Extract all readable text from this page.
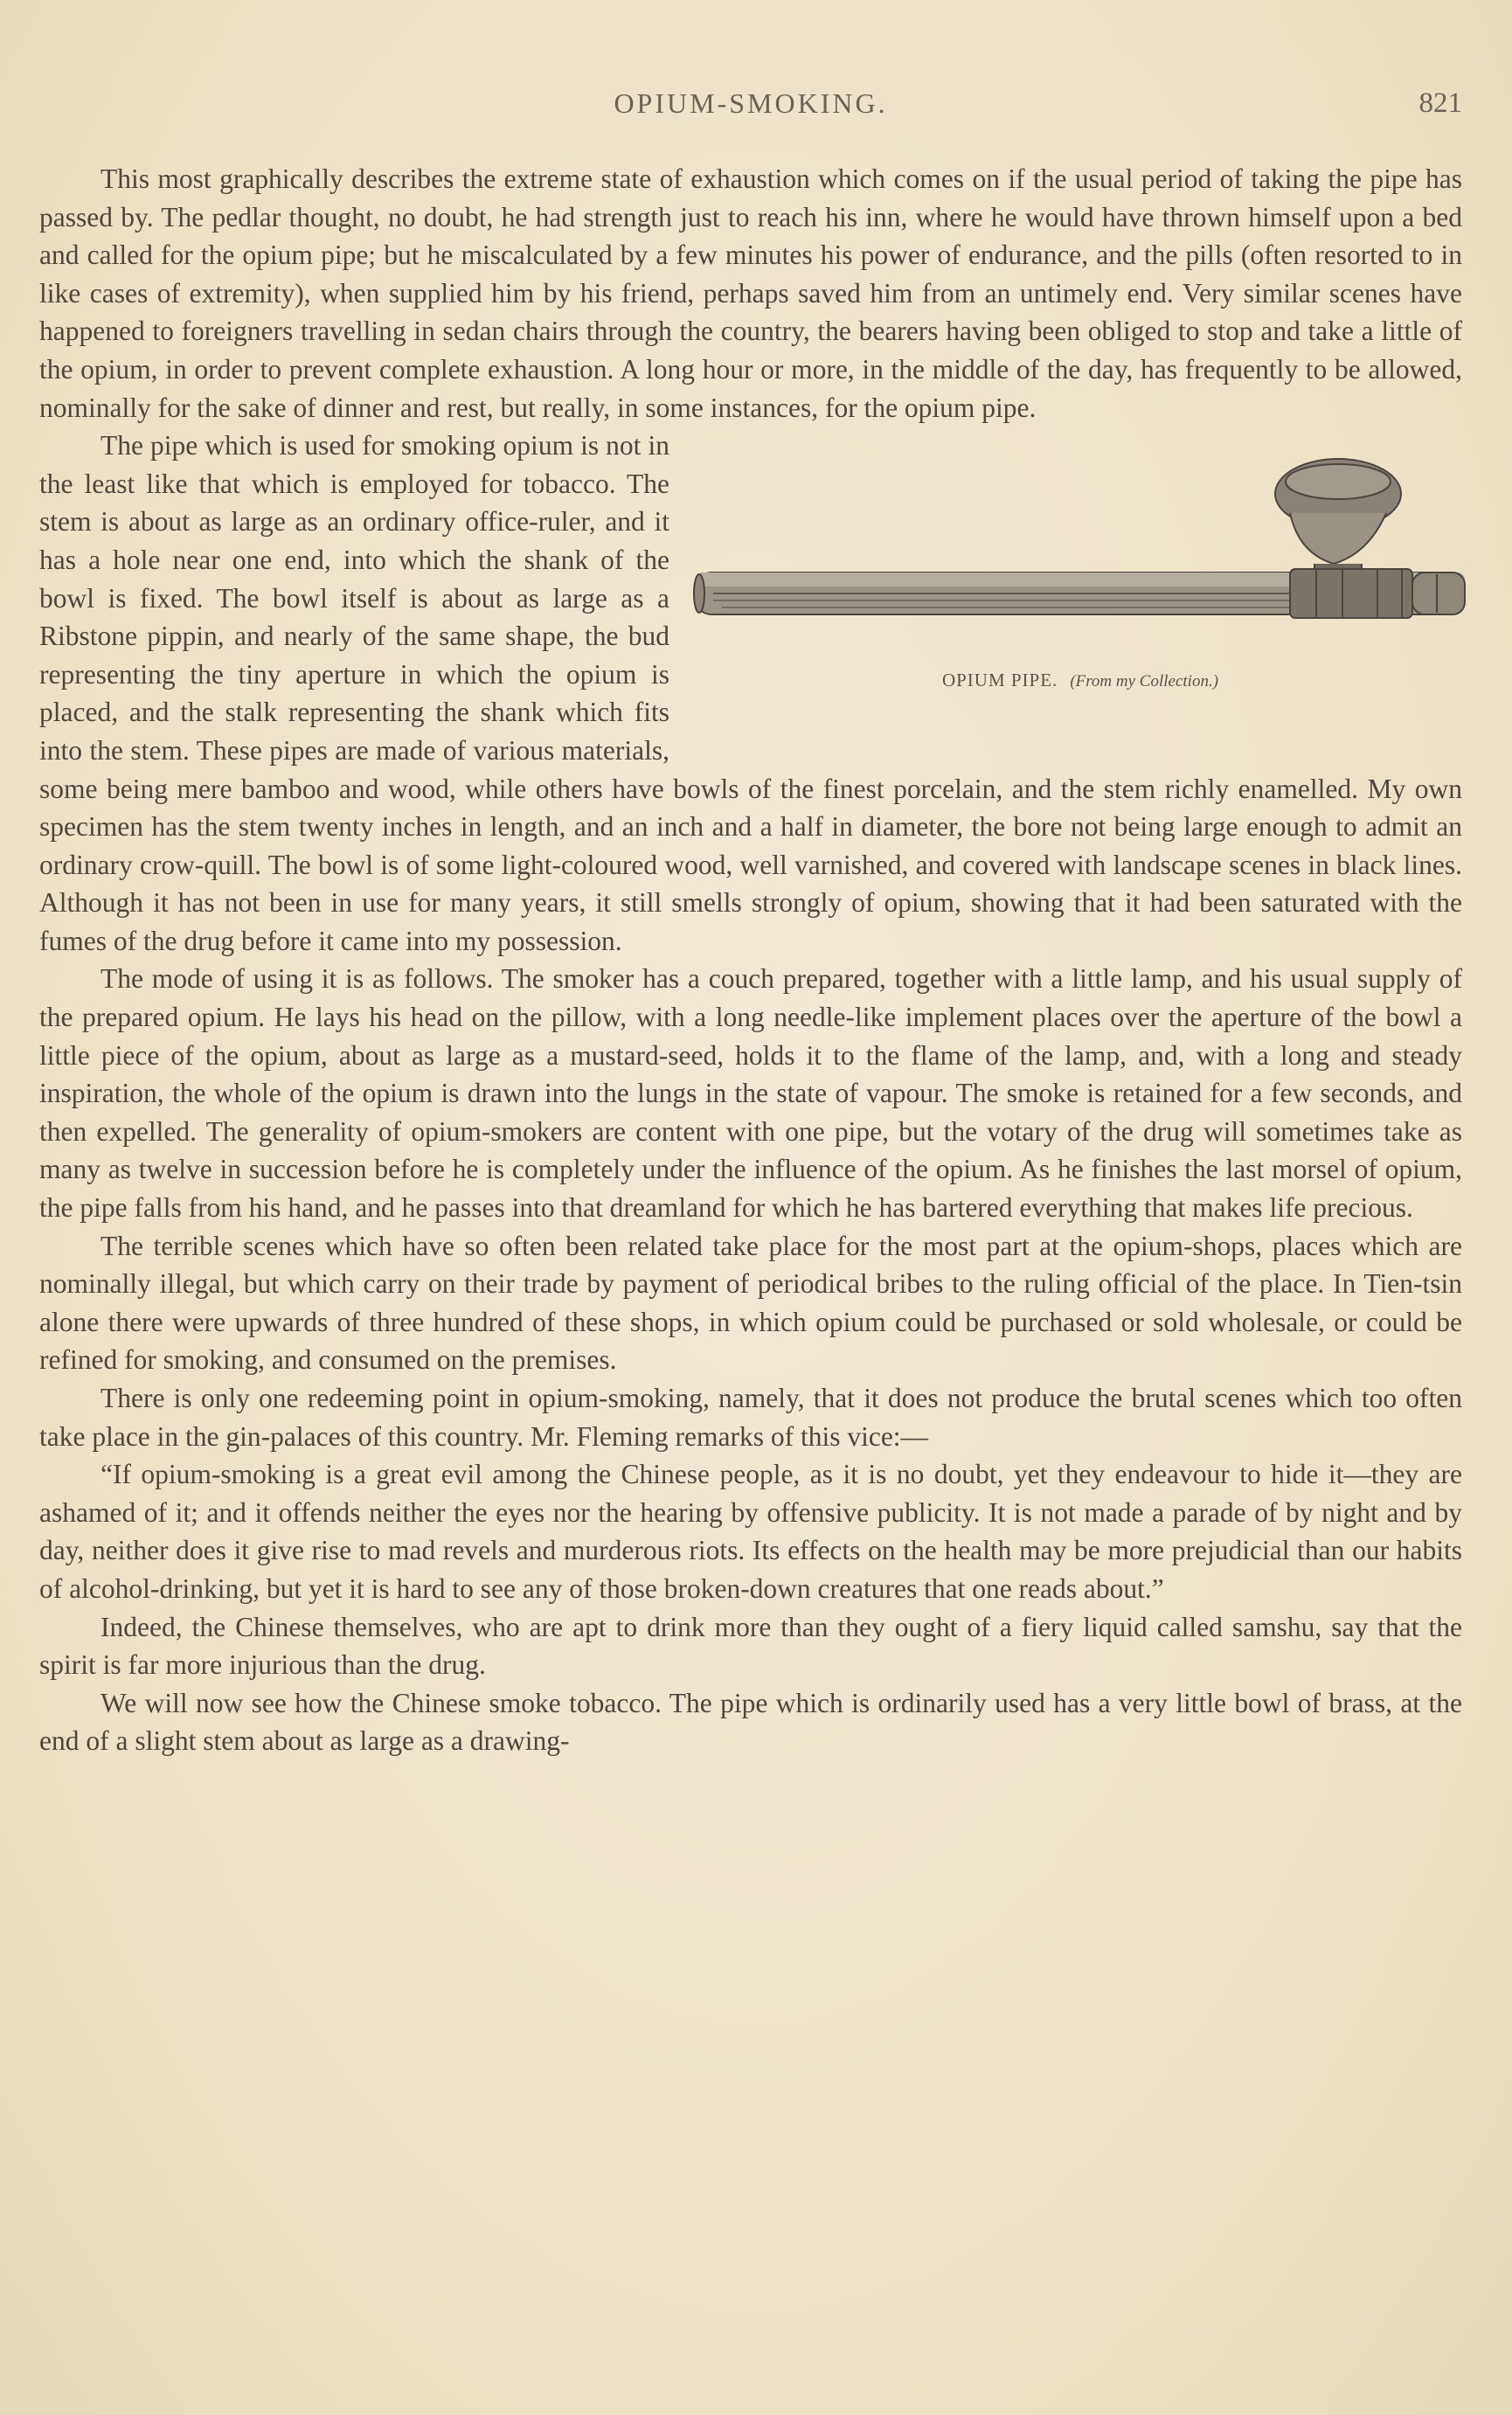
OPIUM-SMOKING.	821

This most graphically describes the extreme state of exhaustion which comes on if the usual period of taking the pipe has passed by. The pedlar thought, no doubt, he had strength just to reach his inn, where he would have thrown himself upon a bed and called for the opium pipe; but he miscalculated by a few minutes his power of endurance, and the pills (often resorted to in like cases of extremity), when supplied him by his friend, perhaps saved him from an untimely end. Very similar scenes have happened to foreigners travelling in sedan chairs through the country, the bearers having been obliged to stop and take a little of the opium, in order to prevent complete exhaustion. A long hour or more, in the middle of the day, has frequently to be allowed, nominally for the sake of dinner and rest, but really, in some instances, for the opium pipe.

OPIUM PIPE. (From my Collection.)

The pipe which is used for smoking opium is not in the least like that which is employed for tobacco. The stem is about as large as an ordinary office-ruler, and it has a hole near one end, into which the shank of the bowl is fixed. The bowl itself is about as large as a Ribstone pippin, and nearly of the same shape, the bud representing the tiny aperture in which the opium is placed, and the stalk representing the shank which fits into the stem. These pipes are made of various materials, some being mere bamboo and wood, while others have bowls of the finest porcelain, and the stem richly enamelled. My own specimen has the stem twenty inches in length, and an inch and a half in diameter, the bore not being large enough to admit an ordinary crow-quill. The bowl is of some light-coloured wood, well varnished, and covered with landscape scenes in black lines. Although it has not been in use for many years, it still smells strongly of opium, showing that it had been saturated with the fumes of the drug before it came into my possession.

The mode of using it is as follows. The smoker has a couch prepared, together with a little lamp, and his usual supply of the prepared opium. He lays his head on the pillow, with a long needle-like implement places over the aperture of the bowl a little piece of the opium, about as large as a mustard-seed, holds it to the flame of the lamp, and, with a long and steady inspiration, the whole of the opium is drawn into the lungs in the state of vapour. The smoke is retained for a few seconds, and then expelled. The generality of opium-smokers are content with one pipe, but the votary of the drug will sometimes take as many as twelve in succession before he is completely under the influence of the opium. As he finishes the last morsel of opium, the pipe falls from his hand, and he passes into that dreamland for which he has bartered everything that makes life precious.

The terrible scenes which have so often been related take place for the most part at the opium-shops, places which are nominally illegal, but which carry on their trade by payment of periodical bribes to the ruling official of the place. In Tien-tsin alone there were upwards of three hundred of these shops, in which opium could be purchased or sold wholesale, or could be refined for smoking, and consumed on the premises.

There is only one redeeming point in opium-smoking, namely, that it does not produce the brutal scenes which too often take place in the gin-palaces of this country. Mr. Fleming remarks of this vice:—

“If opium-smoking is a great evil among the Chinese people, as it is no doubt, yet they endeavour to hide it—they are ashamed of it; and it offends neither the eyes nor the hearing by offensive publicity. It is not made a parade of by night and by day, neither does it give rise to mad revels and murderous riots. Its effects on the health may be more prejudicial than our habits of alcohol-drinking, but yet it is hard to see any of those broken-down creatures that one reads about.”

Indeed, the Chinese themselves, who are apt to drink more than they ought of a fiery liquid called samshu, say that the spirit is far more injurious than the drug.

We will now see how the Chinese smoke tobacco. The pipe which is ordinarily used has a very little bowl of brass, at the end of a slight stem about as large as a drawing-
